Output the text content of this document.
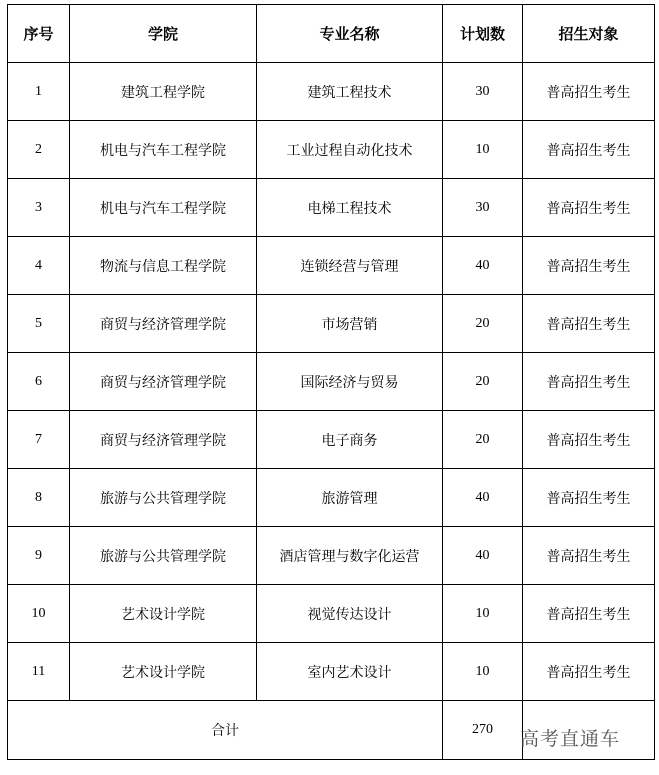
序号	学院	专业名称	计划数	招生对象
1	建筑工程学院	建筑工程技术	30	普高招生考生
2	机电与汽车工程学院	工业过程自动化技术	10	普高招生考生
3	机电与汽车工程学院	电梯工程技术	30	普高招生考生
4	物流与信息工程学院	连锁经营与管理	40	普高招生考生
5	商贸与经济管理学院	市场营销	20	普高招生考生
6	商贸与经济管理学院	国际经济与贸易	20	普高招生考生
7	商贸与经济管理学院	电子商务	20	普高招生考生
8	旅游与公共管理学院	旅游管理	40	普高招生考生
9	旅游与公共管理学院	酒店管理与数字化运营	40	普高招生考生
10	艺术设计学院	视觉传达设计	10	普高招生考生
11	艺术设计学院	室内艺术设计	10	普高招生考生
合计			270	高考直通车
